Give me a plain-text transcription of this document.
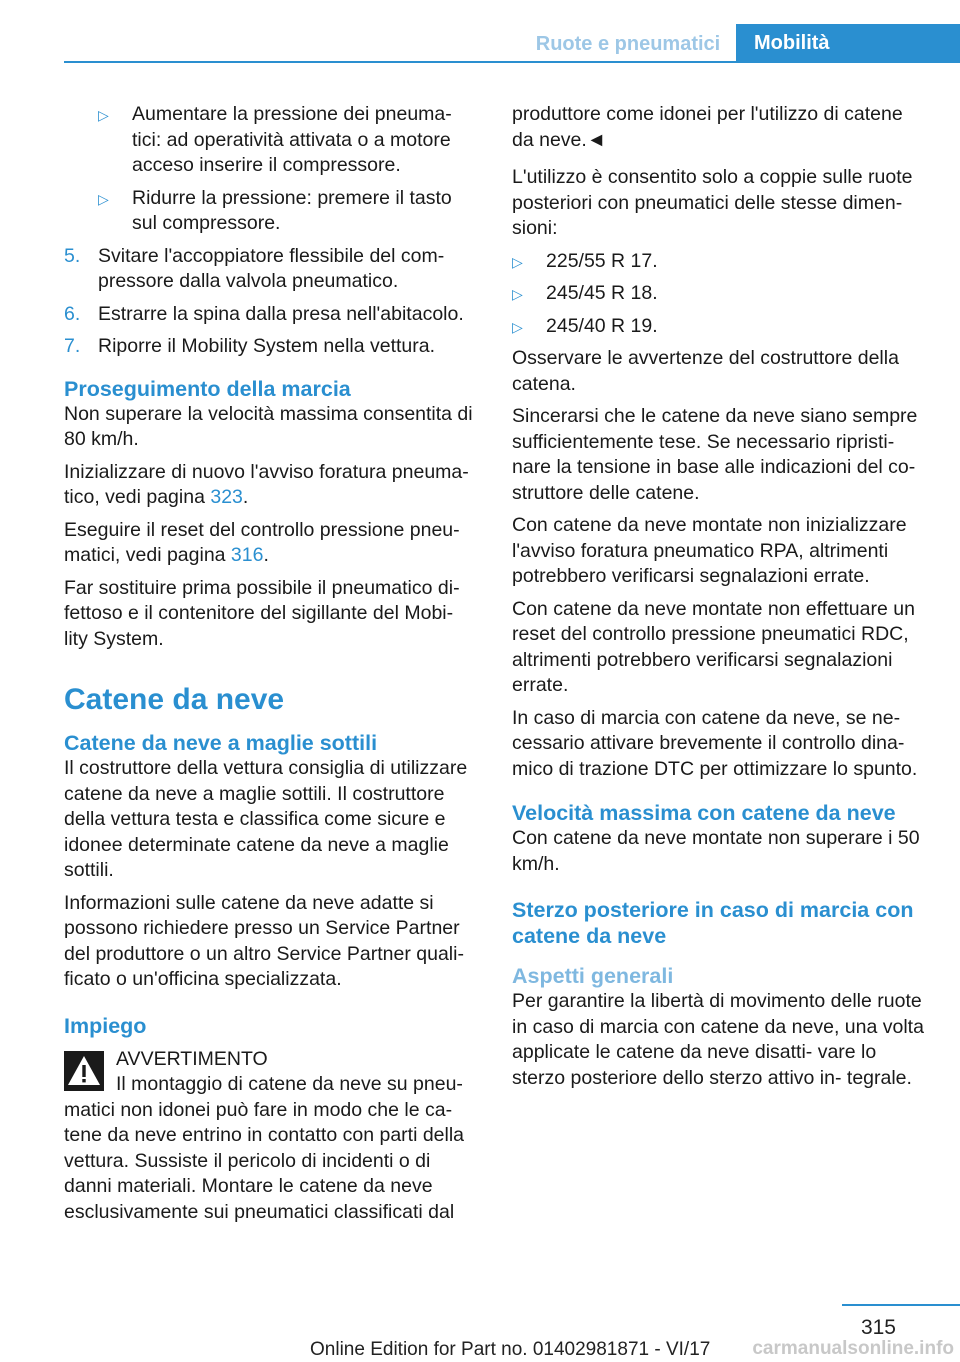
Ruote e pneumatici	Mobilità
▷ Aumentare la pressione dei pneuma- tici: ad operatività attivata o a motore acceso inserire il compressore.
▷ Ridurre la pressione: premere il tasto sul compressore.
5. Svitare l'accoppiatore flessibile del com- pressore dalla valvola pneumatico.
6. Estrarre la spina dalla presa nell'abitacolo.
7. Riporre il Mobility System nella vettura.
Proseguimento della marcia

Non superare la velocità massima consentita di 80 km/h.

Inizializzare di nuovo l'avviso foratura pneuma- tico, vedi pagina 323.

Eseguire il reset del controllo pressione pneu- matici, vedi pagina 316.

Far sostituire prima possibile il pneumatico di- fettoso e il contenitore del sigillante del Mobi- lity System.

Catene da neve
Catene da neve a maglie sottili

Il costruttore della vettura consiglia di utilizzare catene da neve a maglie sottili. Il costruttore della vettura testa e classifica come sicure e idonee determinate catene da neve a maglie sottili.

Informazioni sulle catene da neve adatte si possono richiedere presso un Service Partner del produttore o un altro Service Partner quali- ficato o un'officina specializzata.

Impiego
AVVERTIMENTO
Il montaggio di catene da neve su pneu-
matici non idonei può fare in modo che le ca- tene da neve entrino in contatto con parti della vettura. Sussiste il pericolo di incidenti o di danni materiali. Montare le catene da neve esclusivamente sui pneumatici classificati dal

produttore come idonei per l'utilizzo di catene da neve.◄

L'utilizzo è consentito solo a coppie sulle ruote posteriori con pneumatici delle stesse dimen- sioni:

▷ 225/55 R 17.
▷ 245/45 R 18.
▷ 245/40 R 19.

Osservare le avvertenze del costruttore della catena.

Sincerarsi che le catene da neve siano sempre sufficientemente tese. Se necessario ripristi- nare la tensione in base alle indicazioni del co- struttore delle catene.

Con catene da neve montate non inizializzare l'avviso foratura pneumatico RPA, altrimenti potrebbero verificarsi segnalazioni errate.

Con catene da neve montate non effettuare un reset del controllo pressione pneumatici RDC, altrimenti potrebbero verificarsi segnalazioni errate.

In caso di marcia con catene da neve, se ne- cessario attivare brevemente il controllo dina- mico di trazione DTC per ottimizzare lo spunto.

Velocità massima con catene da neve

Con catene da neve montate non superare i 50 km/h.

Sterzo posteriore in caso di marcia con catene da neve
Aspetti generali

Per garantire la libertà di movimento delle ruote in caso di marcia con catene da neve, una volta applicate le catene da neve disatti- vare lo sterzo posteriore dello sterzo attivo in- tegrale.

315
Online Edition for Part no. 01402981871 - VI/17 carmanualsonline.info
